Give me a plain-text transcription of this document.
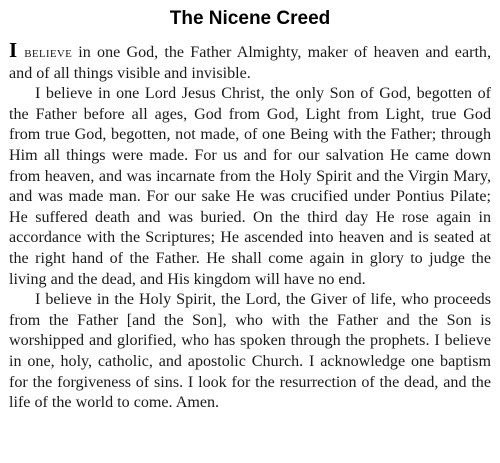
The Nicene Creed

I believe in one God, the Father Almighty, maker of heaven and earth, and of all things visible and invisible.

I believe in one Lord Jesus Christ, the only Son of God, begotten of the Father before all ages, God from God, Light from Light, true God from true God, begotten, not made, of one Being with the Father; through Him all things were made. For us and for our salvation He came down from heaven, and was incarnate from the Holy Spirit and the Virgin Mary, and was made man. For our sake He was crucified under Pontius Pilate; He suffered death and was buried. On the third day He rose again in accordance with the Scriptures; He ascended into heaven and is seated at the right hand of the Father. He shall come again in glory to judge the living and the dead, and His kingdom will have no end.

I believe in the Holy Spirit, the Lord, the Giver of life, who proceeds from the Father [and the Son], who with the Father and the Son is worshipped and glorified, who has spoken through the prophets. I believe in one, holy, catholic, and apostolic Church. I acknowledge one baptism for the forgiveness of sins. I look for the resurrection of the dead, and the life of the world to come. Amen.
